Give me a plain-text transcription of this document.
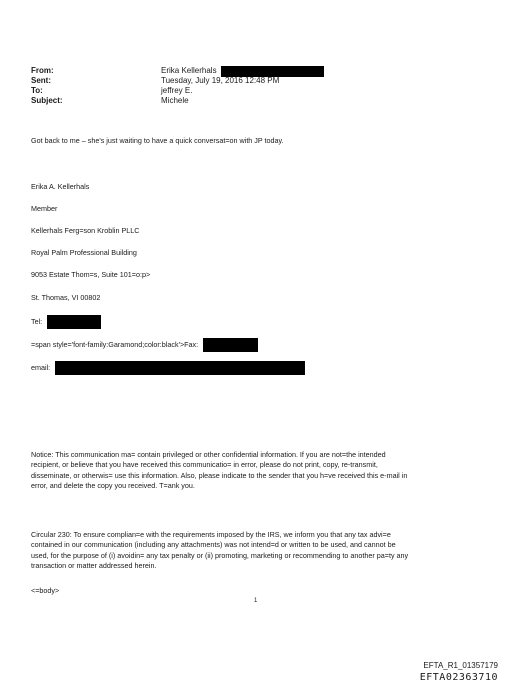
From:	Erika Kellerhals
Sent:	Tuesday, July 19, 2016 12:48 PM
To:	jeffrey E.
Subject:	Michele
Got back to me – she's just waiting to have a quick conversat=on with JP today.
Erika A. Kellerhals
Member
Kellerhals Ferg=son Kroblin PLLC
Royal Palm Professional Building
9053 Estate Thom=s, Suite 101=o:p>
St. Thomas, VI 00802
Tel:
=span style='font-family:Garamond;color:black'>Fax:
email:
Notice: This communication ma= contain privileged or other confidential information. If you are not=the intended
recipient, or believe that you have received this communicatio= in error, please do not print, copy, re-transmit,
disseminate, or otherwis= use this information. Also, please indicate to the sender that you h=ve received this e-mail in
error, and delete the copy you received. T=ank you.
Circular 230: To ensure complian=e with the requirements imposed by the IRS, we inform you that any tax advi=e
contained in our communication (including any attachments) was not intend=d or written to be used, and cannot be
used, for the purpose of (i) avoidin= any tax penalty or (ii) promoting, marketing or recommending to another pa=ty any
transaction or matter addressed herein.
<=body>
1
EFTA_R1_01357179
EFTA02363710
